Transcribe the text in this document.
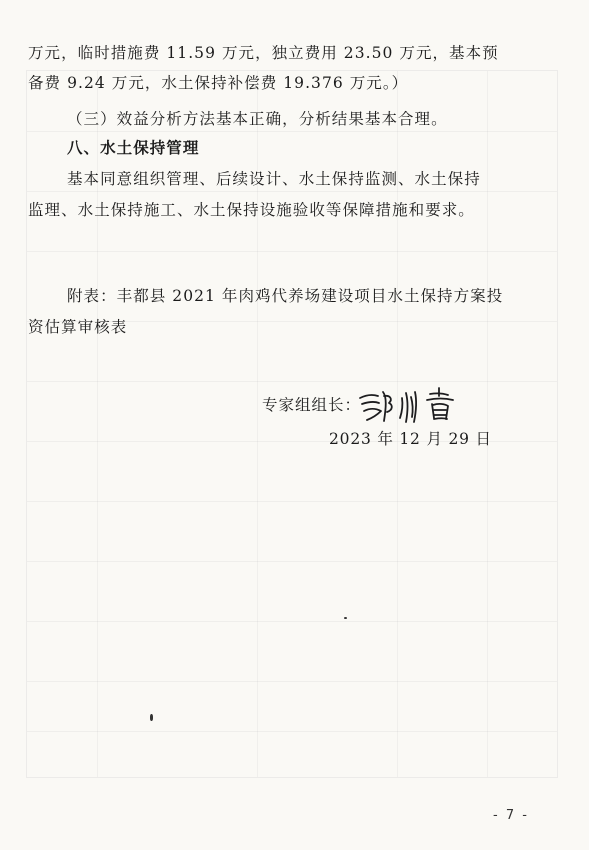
万元，临时措施费 11.59 万元，独立费用 23.50 万元，基本预
备费 9.24 万元，水土保持补偿费 19.376 万元。）
（三）效益分析方法基本正确，分析结果基本合理。
八、水土保持管理
基本同意组织管理、后续设计、水土保持监测、水土保持
监理、水土保持施工、水土保持设施验收等保障措施和要求。
附表：丰都县 2021 年肉鸡代养场建设项目水土保持方案投
资估算审核表
专家组组长：
2023 年 12 月 29 日
- 7 -
